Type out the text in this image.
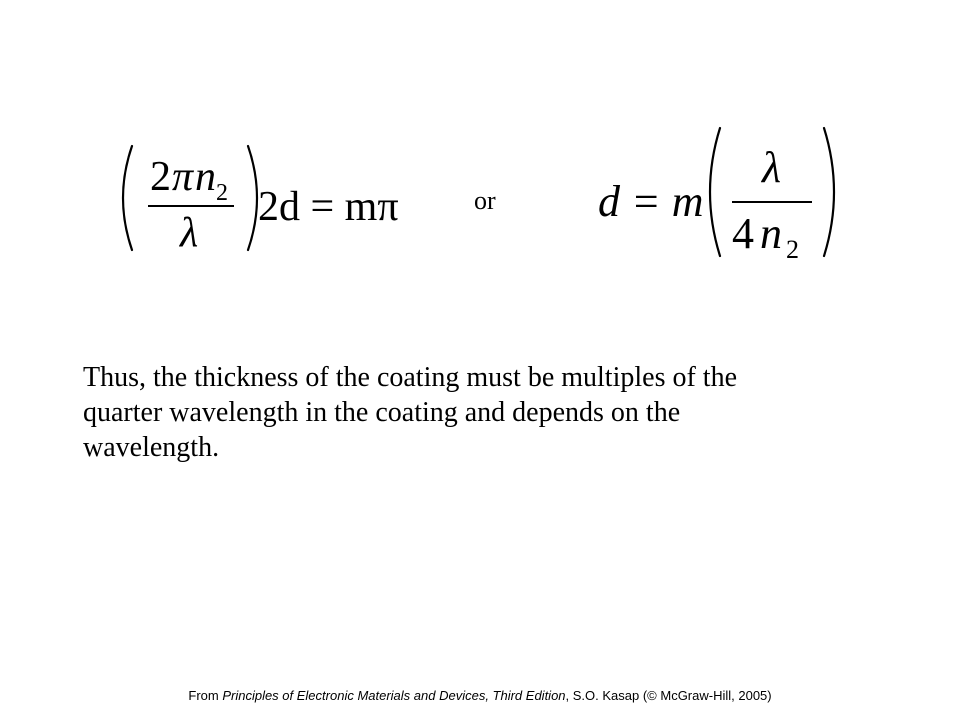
2 π n 2
λ
2d = mπ	or d = m
λ
4 n 2

Thus, the thickness of the coating must be multiples of the
quarter wavelength in the coating and depends on the
wavelength.

From Principles of Electronic Materials and Devices, Third Edition, S.O. Kasap (© McGraw-Hill, 2005)
